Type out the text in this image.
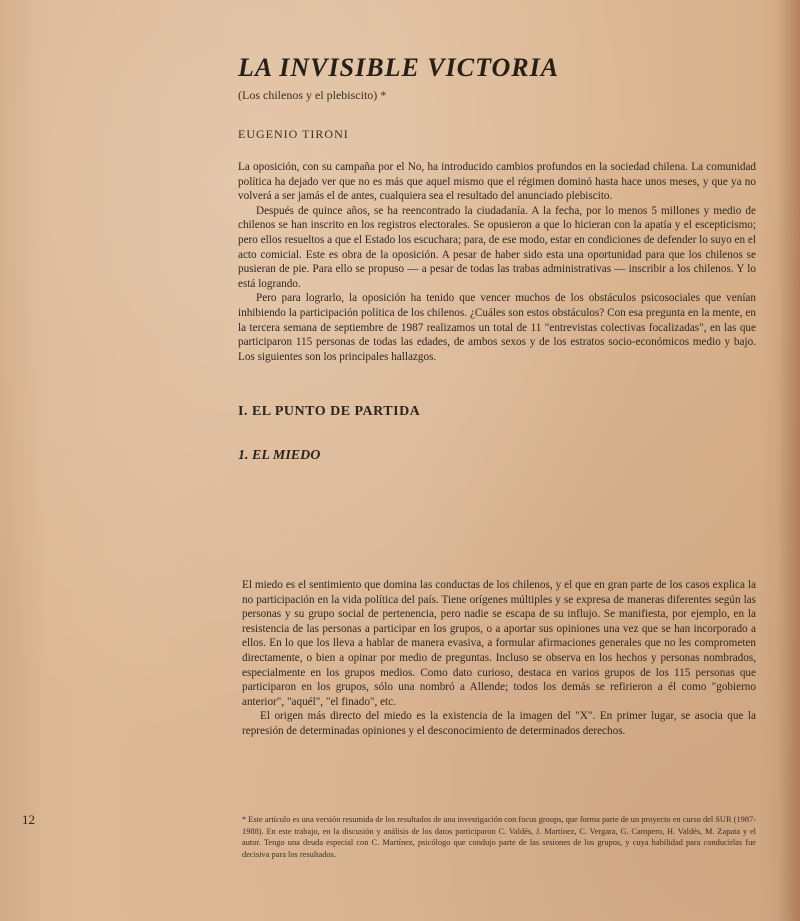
LA INVISIBLE VICTORIA

(Los chilenos y el plebiscito) *

EUGENIO TIRONI

La oposición, con su campaña por el No, ha introducido cambios profundos en la sociedad chilena. La comunidad política ha dejado ver que no es más que aquel mismo que el régimen dominó hasta hace unos meses, y que ya no volverá a ser jamás el de antes, cualquiera sea el resultado del anunciado plebiscito.

Después de quince años, se ha reencontrado la ciudadanía. A la fecha, por lo menos 5 millones y medio de chilenos se han inscrito en los registros electorales. Se opusieron a que lo hicieran con la apatía y el escepticismo; pero ellos resueltos a que el Estado los escuchara; para, de ese modo, estar en condiciones de defender lo suyo en el acto comicial. Este es obra de la oposición. A pesar de haber sido esta una oportunidad para que los chilenos se pusieran de pie. Para ello se propuso — a pesar de todas las trabas administrativas — inscribir a los chilenos. Y lo está logrando.

Pero para lograrlo, la oposición ha tenido que vencer muchos de los obstáculos psicosociales que venían inhibiendo la participación política de los chilenos. ¿Cuáles son estos obstáculos? Con esa pregunta en la mente, en la tercera semana de septiembre de 1987 realizamos un total de 11 "entrevistas colectivas focalizadas", en las que participaron 115 personas de todas las edades, de ambos sexos y de los estratos socio-económicos medio y bajo. Los siguientes son los principales hallazgos.

I. EL PUNTO DE PARTIDA
1. EL MIEDO

El miedo es el sentimiento que domina las conductas de los chilenos, y el que en gran parte de los casos explica la no participación en la vida política del país. Tiene orígenes múltiples y se expresa de maneras diferentes según las personas y su grupo social de pertenencia, pero nadie se escapa de su influjo. Se manifiesta, por ejemplo, en la resistencia de las personas a participar en los grupos, o a aportar sus opiniones una vez que se han incorporado a ellos. En lo que los lleva a hablar de manera evasiva, a formular afirmaciones generales que no les comprometen directamente, o bien a opinar por medio de preguntas. Incluso se observa en los hechos y personas nombrados, especialmente en los grupos medios. Como dato curioso, destaca en varios grupos de los 115 personas que participaron en los grupos, sólo una nombró a Allende; todos los demás se refirieron a él como "gobierno anterior", "aquél", "el finado", etc.

El origen más directo del miedo es la existencia de la imagen del "X". En primer lugar, se asocia que la represión de determinadas opiniones y el desconocimiento de determinados derechos.

12	* Este artículo es una versión resumida de los resultados de una investigación con focus groups, que forma parte de un proyecto en curso del SUR (1987-1988). En este trabajo, en la discusión y análisis de los datos participaron C. Valdés, J. Martínez, C. Vergara, G. Campero, H. Valdés, M. Zapata y el autor. Tengo una deuda especial con C. Martínez, psicólogo que condujo parte de las sesiones de los grupos, y cuya habilidad para conducirlas fue decisiva para los resultados.
